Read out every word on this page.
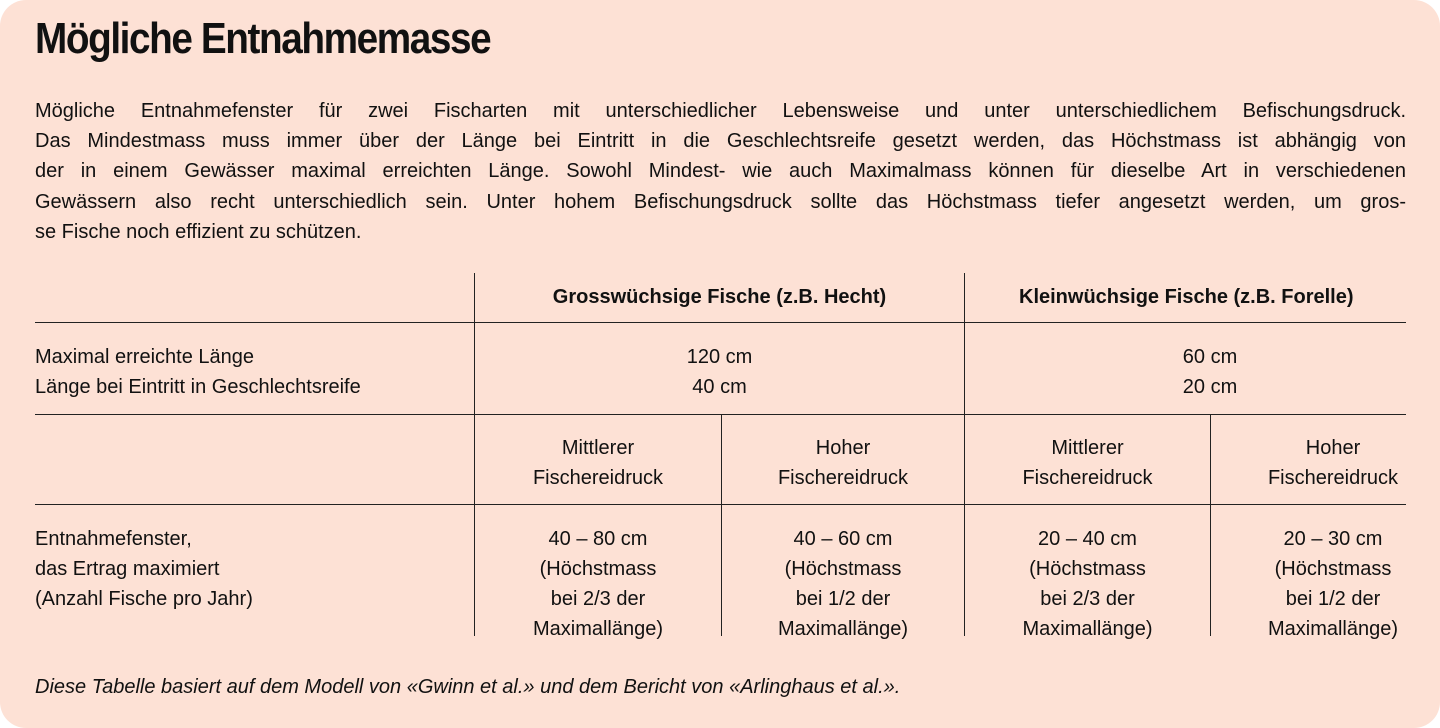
Mögliche Entnahmemasse

Mögliche Entnahmefenster für zwei Fischarten mit unterschiedlicher Lebensweise und unter unterschiedlichem Befischungsdruck.
Das Mindestmass muss immer über der Länge bei Eintritt in die Geschlechtsreife gesetzt werden, das Höchstmass ist abhängig von
der in einem Gewässer maximal erreichten Länge. Sowohl Mindest- wie auch Maximalmass können für dieselbe Art in verschiedenen
Gewässern also recht unterschiedlich sein. Unter hohem Befischungsdruck sollte das Höchstmass tiefer angesetzt werden, um gros-
se Fische noch effizient zu schützen.

Grosswüchsige Fische (z.B. Hecht)	Kleinwüchsige Fische (z.B. Forelle)
Maximal erreichte Länge
Länge bei Eintritt in Geschlechtsreife
120 cm
40 cm
60 cm
20 cm
Mittlerer
Fischereidruck
Hoher
Fischereidruck
Mittlerer
Fischereidruck
Hoher
Fischereidruck
Entnahmefenster,
das Ertrag maximiert
(Anzahl Fische pro Jahr)
40 – 80 cm
(Höchstmass
bei 2/3 der
Maximallänge)
40 – 60 cm
(Höchstmass
bei 1/2 der
Maximallänge)
20 – 40 cm
(Höchstmass
bei 2/3 der
Maximallänge)
20 – 30 cm
(Höchstmass
bei 1/2 der
Maximallänge)
Diese Tabelle basiert auf dem Modell von «Gwinn et al.» und dem Bericht von «Arlinghaus et al.».
